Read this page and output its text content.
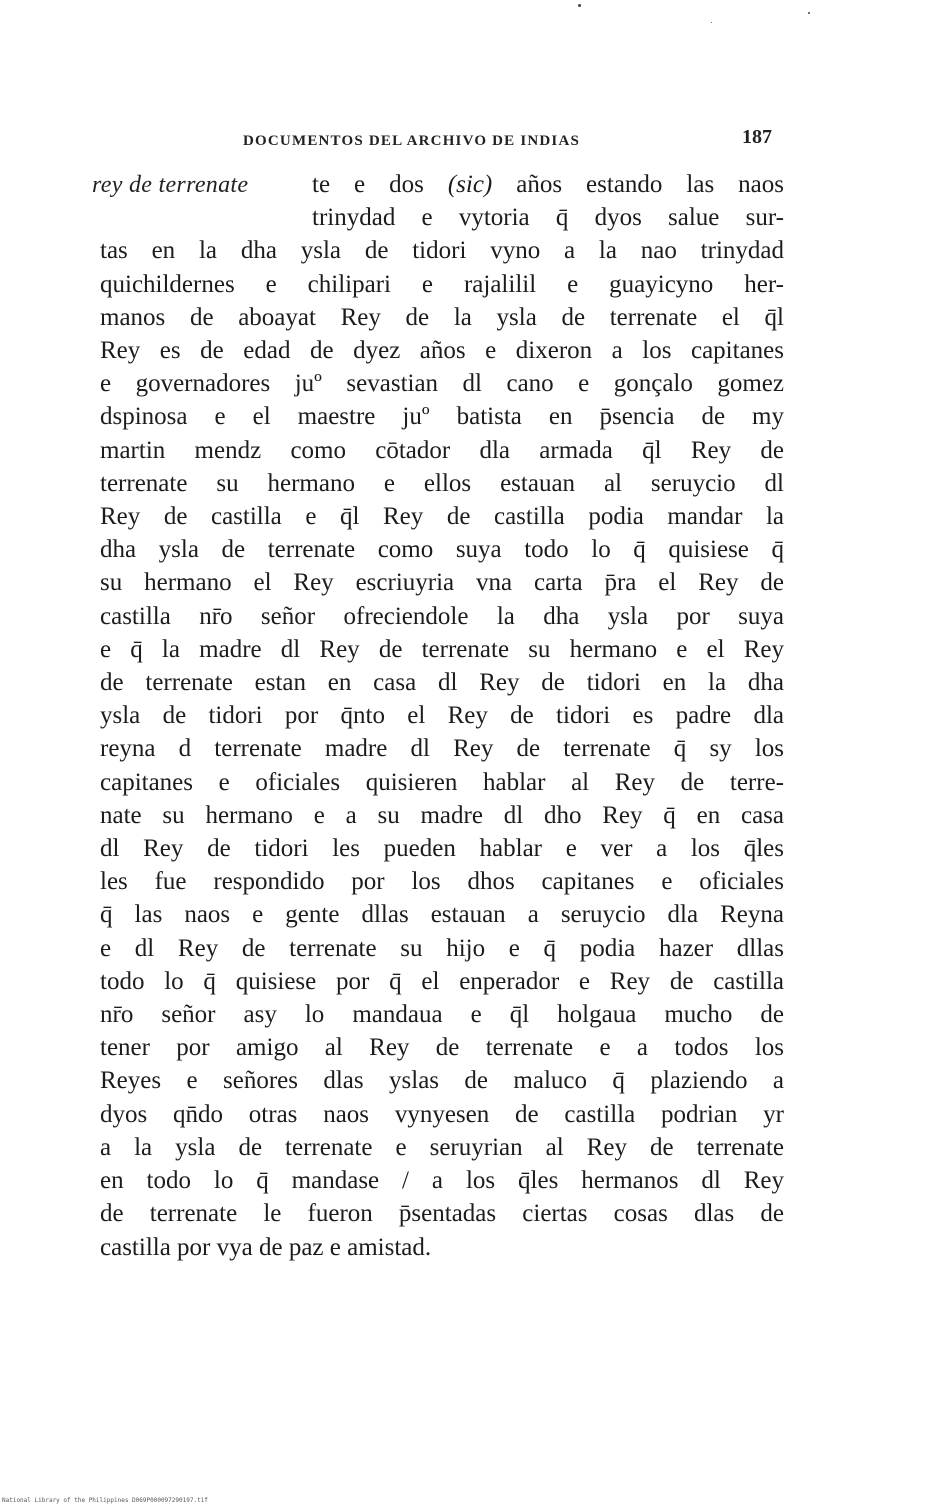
DOCUMENTOS DEL ARCHIVO DE INDIAS	187
rey de terrenate	te e dos (sic) años estando las naos
trinydad e vytoria q̄ dyos salue sur-
tas en la dha ysla de tidori vyno a la nao trinydad
quichildernes e chilipari e rajalilil e guayicyno her-
manos de aboayat Rey de la ysla de terrenate el q̄l
Rey es de edad de dyez años e dixeron a los capitanes
e governadores juº sevastian dl cano e gonçalo gomez
dspinosa e el maestre juº batista en p̄sencia de my
martin mendz como cōtador dla armada q̄l Rey de
terrenate su hermano e ellos estauan al seruycio dl
Rey de castilla e q̄l Rey de castilla podia mandar la
dha ysla de terrenate como suya todo lo q̄ quisiese q̄
su hermano el Rey escriuyria vna carta p̄ra el Rey de
castilla nr̄o señor ofreciendole la dha ysla por suya
e q̄ la madre dl Rey de terrenate su hermano e el Rey
de terrenate estan en casa dl Rey de tidori en la dha
ysla de tidori por q̄nto el Rey de tidori es padre dla
reyna d terrenate madre dl Rey de terrenate q̄ sy los
capitanes e oficiales quisieren hablar al Rey de terre-
nate su hermano e a su madre dl dho Rey q̄ en casa
dl Rey de tidori les pueden hablar e ver a los q̄les
les fue respondido por los dhos capitanes e oficiales
q̄ las naos e gente dllas estauan a seruycio dla Reyna
e dl Rey de terrenate su hijo e q̄ podia hazer dllas
todo lo q̄ quisiese por q̄ el enperador e Rey de castilla
nr̄o señor asy lo mandaua e q̄l holgaua mucho de
tener por amigo al Rey de terrenate e a todos los
Reyes e señores dlas yslas de maluco q̄ plaziendo a
dyos qn̄do otras naos vynyesen de castilla podrian yr
a la ysla de terrenate e seruyrian al Rey de terrenate
en todo lo q̄ mandase / a los q̄les hermanos dl Rey
de terrenate le fueron p̄sentadas ciertas cosas dlas de
castilla por vya de paz e amistad.
National Library of the Philippines D069P000097290197.tif
